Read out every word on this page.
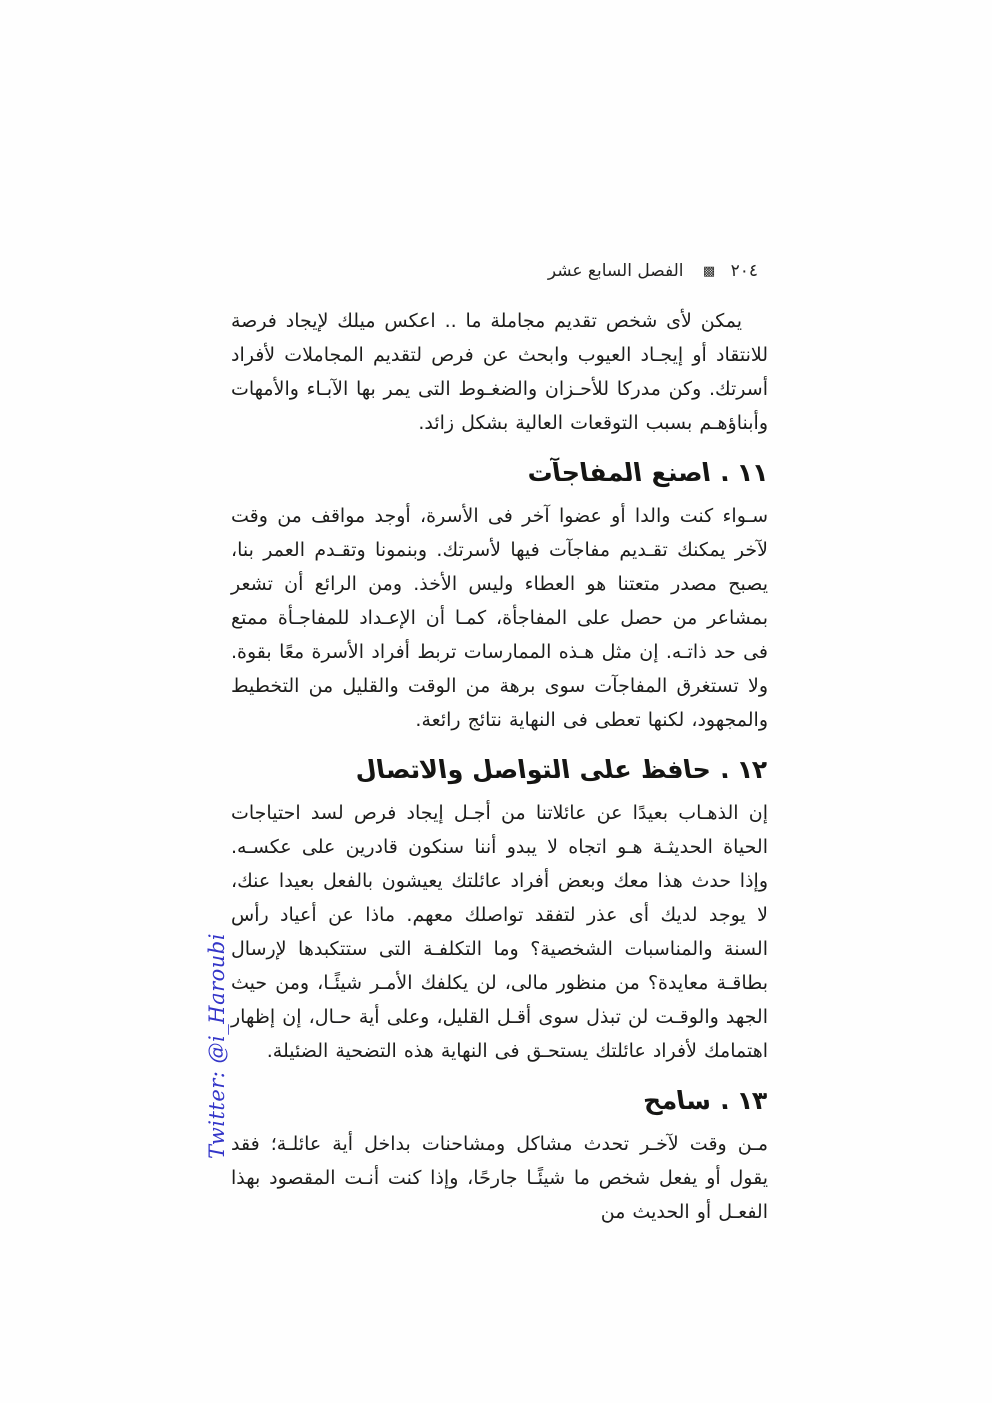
٢٠٤ ▩ الفصل السابع عشر

يمكن لأى شخص تقديم مجاملة ما .. اعكس ميلك لإيجاد فرصة للانتقاد أو إيجـاد العيوب وابحث عن فرص لتقديم المجاملات لأفراد أسرتك. وكن مدركا للأحـزان والضغـوط التى يمر بها الآبـاء والأمهات وأبناؤهـم بسبب التوقعات العالية بشكل زائد.

١١ . اصنع المفاجآت

سـواء كنت والدا أو عضوا آخر فى الأسرة، أوجد مواقف من وقت لآخر يمكنك تقـديم مفاجآت فيها لأسرتك. وبنمونا وتقـدم العمر بنا، يصبح مصدر متعتنا هو العطاء وليس الأخذ. ومن الرائع أن تشعر بمشاعر من حصل على المفاجأة، كمـا أن الإعـداد للمفاجـأة ممتع فى حد ذاتـه. إن مثل هـذه الممارسات تربط أفراد الأسرة معًا بقوة. ولا تستغرق المفاجآت سوى برهة من الوقت والقليل من التخطيط والمجهود، لكنها تعطى فى النهاية نتائج رائعة.

١٢ . حافظ على التواصل والاتصال

إن الذهـاب بعيدًا عن عائلاتنا من أجـل إيجاد فرص لسد احتياجات الحياة الحديثـة هـو اتجاه لا يبدو أننا سنكون قادرين على عكسـه. وإذا حدث هذا معك وبعض أفراد عائلتك يعيشون بالفعل بعيدا عنك، لا يوجد لديك أى عذر لتفقد تواصلك معهم. ماذا عن أعياد رأس السنة والمناسبات الشخصية؟ وما التكلفـة التى ستتكبدها لإرسال بطاقـة معايدة؟ من منظور مالى، لن يكلفك الأمـر شيئًـا، ومن حيث الجهد والوقـت لن تبذل سوى أقـل القليل، وعلى أية حـال، إن إظهار اهتمامك لأفراد عائلتك يستحـق فى النهاية هذه التضحية الضئيلة.

١٣ . سامح

مـن وقت لآخـر تحدث مشاكل ومشاحنات بداخل أية عائلـة؛ فقد يقول أو يفعل شخص ما شيئًـا جارحًا، وإذا كنت أنـت المقصود بهذا الفعـل أو الحديث من

Twitter: @i_Haroubi
